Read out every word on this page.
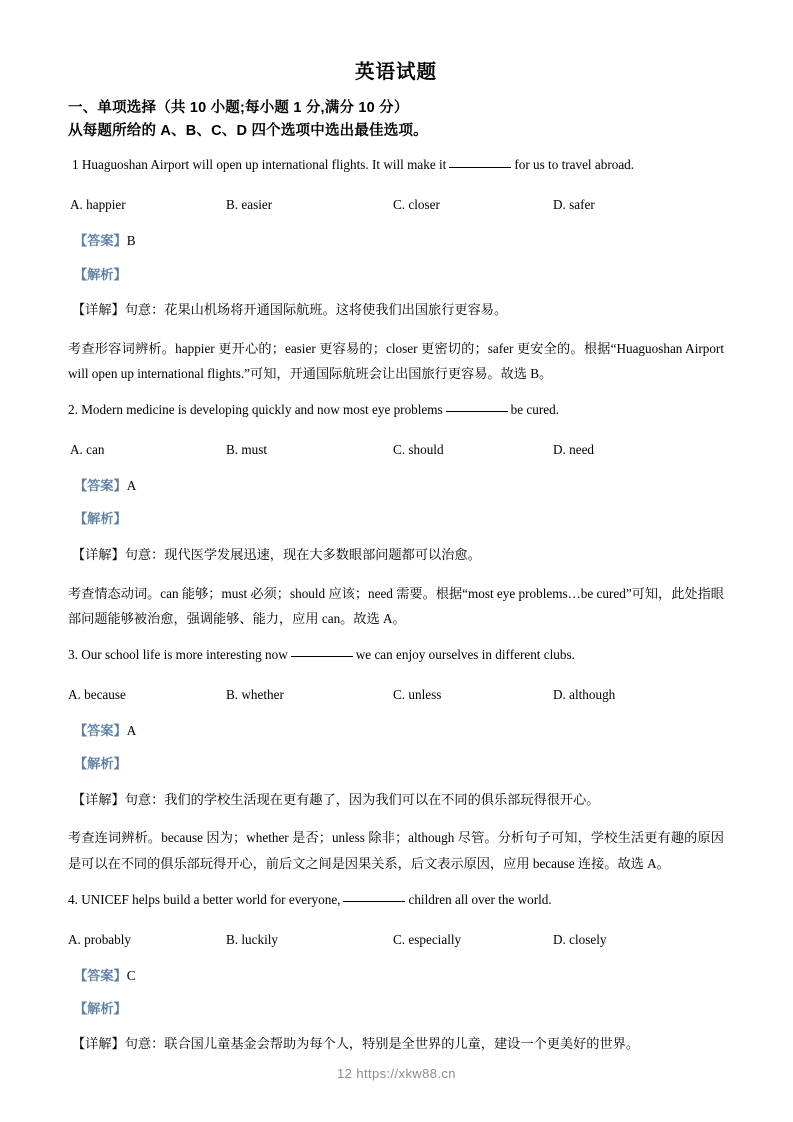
英语试题

一、单项选择（共 10 小题;每小题 1 分,满分 10 分）

从每题所给的 A、B、C、D 四个选项中选出最佳选项。

1 Huaguoshan Airport will open up international flights. It will make it	for us to travel abroad.

A. happier	B. easier	C. closer	D. safer

【答案】B

【解析】

【详解】句意：花果山机场将开通国际航班。这将使我们出国旅行更容易。

考查形容词辨析。happier 更开心的；easier 更容易的；closer 更密切的；safer 更安全的。根据“Huaguoshan Airport will open up international flights.”可知，开通国际航班会让出国旅行更容易。故选 B。

2. Modern medicine is developing quickly and now most eye problems	be cured.

A. can	B. must	C. should	D. need

【答案】A

【解析】

【详解】句意：现代医学发展迅速，现在大多数眼部问题都可以治愈。

考查情态动词。can 能够；must 必须；should 应该；need 需要。根据“most eye problems…be cured”可知，此处指眼部问题能够被治愈，强调能够、能力，应用 can。故选 A。

3. Our school life is more interesting now	we can enjoy ourselves in different clubs.

A. because	B. whether	C. unless	D. although

【答案】A

【解析】

【详解】句意：我们的学校生活现在更有趣了，因为我们可以在不同的俱乐部玩得很开心。

考查连词辨析。because 因为；whether 是否；unless 除非；although 尽管。分析句子可知，学校生活更有趣的原因是可以在不同的俱乐部玩得开心，前后文之间是因果关系，后文表示原因，应用 because 连接。故选 A。

4. UNICEF helps build a better world for everyone,	children all over the world.

A. probably	B. luckily	C. especially	D. closely

【答案】C

【解析】

【详解】句意：联合国儿童基金会帮助为每个人，特别是全世界的儿童，建设一个更美好的世界。

12 https://xkw88.cn
